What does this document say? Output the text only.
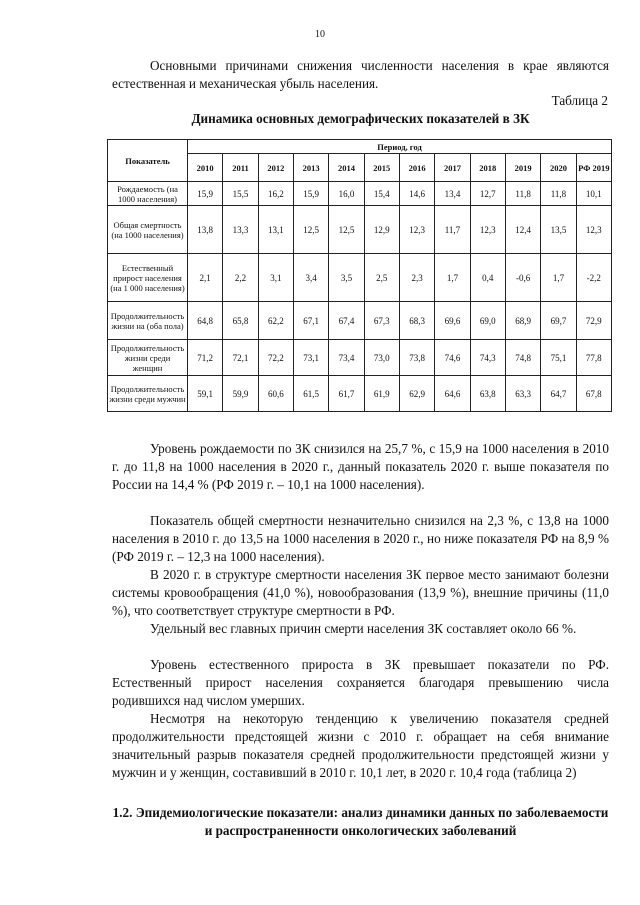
10

Основными причинами снижения численности населения в крае являются естественная и механическая убыль населения.

Таблица 2
Динамика основных демографических показателей в ЗК
Показатель	Период, год											
	2010	2011	2012	2013	2014	2015	2016	2017	2018	2019	2020	РФ 2019
Рождаемость (на 1000 населения)	15,9	15,5	16,2	15,9	16,0	15,4	14,6	13,4	12,7	11,8	11,8	10,1
Общая смертность (на 1000 населения)	13,8	13,3	13,1	12,5	12,5	12,9	12,3	11,7	12,3	12,4	13,5	12,3
Естественный прирост населения (на 1 000 населения)	2,1	2,2	3,1	3,4	3,5	2,5	2,3	1,7	0,4	-0,6	1,7	-2,2
Продолжительность жизни на (оба пола)	64,8	65,8	62,2	67,1	67,4	67,3	68,3	69,6	69,0	68,9	69,7	72,9
Продолжительность жизни среди женщин	71,2	72,1	72,2	73,1	73,4	73,0	73,8	74,6	74,3	74,8	75,1	77,8
Продолжительность жизни среди мужчин	59,1	59,9	60,6	61,5	61,7	61,9	62,9	64,6	63,8	63,3	64,7	67,8

Уровень рождаемости по ЗК снизился на 25,7 %, с 15,9 на 1000 населения в 2010 г. до 11,8 на 1000 населения в 2020 г., данный показатель 2020 г. выше показателя по России на 14,4 % (РФ 2019 г. – 10,1 на 1000 населения).

Показатель общей смертности незначительно снизился на 2,3 %, с 13,8 на 1000 населения в 2010 г. до 13,5 на 1000 населения в 2020 г., но ниже показателя РФ на 8,9 % (РФ 2019 г. – 12,3 на 1000 населения).

В 2020 г. в структуре смертности населения ЗК первое место занимают болезни системы кровообращения (41,0 %), новообразования (13,9 %), внешние причины (11,0 %), что соответствует структуре смертности в РФ.

Удельный вес главных причин смерти населения ЗК составляет около 66 %.

Уровень естественного прироста в ЗК превышает показатели по РФ. Естественный прирост населения сохраняется благодаря превышению числа родившихся над числом умерших.

Несмотря на некоторую тенденцию к увеличению показателя средней продолжительности предстоящей жизни с 2010 г. обращает на себя внимание значительный разрыв показателя средней продолжительности предстоящей жизни у мужчин и у женщин, составивший в 2010 г. 10,1 лет, в 2020 г. 10,4 года (таблица 2)

1.2. Эпидемиологические показатели: анализ динамики данных по заболеваемости и распространенности онкологических заболеваний
